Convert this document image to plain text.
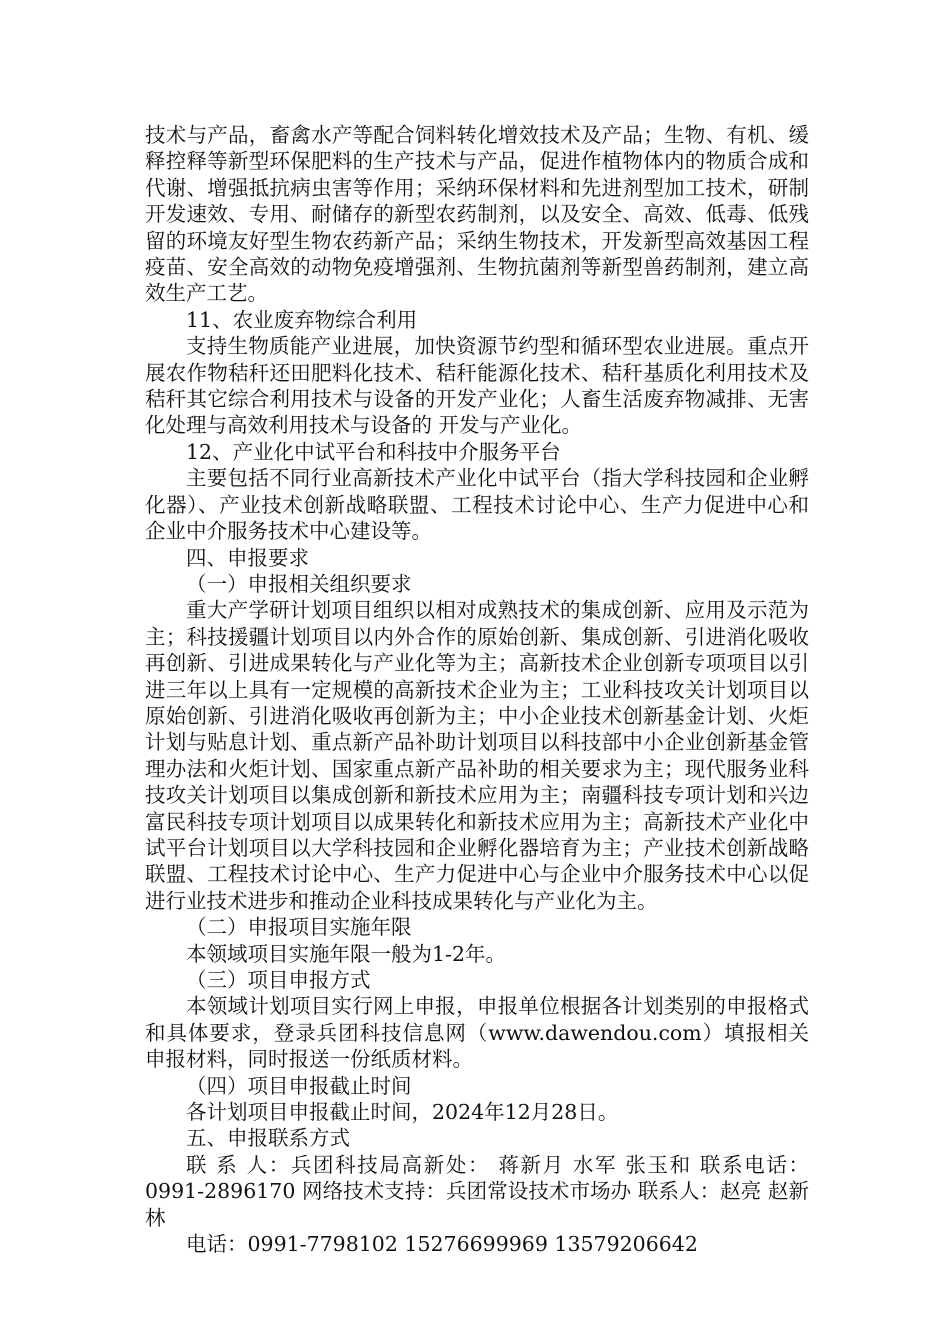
技术与产品，畜禽水产等配合饲料转化增效技术及产品；生物、有机、缓释控释等新型环保肥料的生产技术与产品，促进作植物体内的物质合成和代谢、增强抵抗病虫害等作用；采纳环保材料和先进剂型加工技术，研制开发速效、专用、耐储存的新型农药制剂，以及安全、高效、低毒、低残留的环境友好型生物农药新产品；采纳生物技术，开发新型高效基因工程疫苗、安全高效的动物免疫增强剂、生物抗菌剂等新型兽药制剂，建立高效生产工艺。

11、农业废弃物综合利用

支持生物质能产业进展，加快资源节约型和循环型农业进展。重点开展农作物秸秆还田肥料化技术、秸秆能源化技术、秸秆基质化利用技术及秸秆其它综合利用技术与设备的开发产业化；人畜生活废弃物减排、无害化处理与高效利用技术与设备的 开发与产业化。

12、产业化中试平台和科技中介服务平台

主要包括不同行业高新技术产业化中试平台（指大学科技园和企业孵化器）、产业技术创新战略联盟、工程技术讨论中心、生产力促进中心和企业中介服务技术中心建设等。

四、申报要求

（一）申报相关组织要求

重大产学研计划项目组织以相对成熟技术的集成创新、应用及示范为主；科技援疆计划项目以内外合作的原始创新、集成创新、引进消化吸收再创新、引进成果转化与产业化等为主；高新技术企业创新专项项目以引进三年以上具有一定规模的高新技术企业为主；工业科技攻关计划项目以原始创新、引进消化吸收再创新为主；中小企业技术创新基金计划、火炬计划与贴息计划、重点新产品补助计划项目以科技部中小企业创新基金管理办法和火炬计划、国家重点新产品补助的相关要求为主；现代服务业科技攻关计划项目以集成创新和新技术应用为主；南疆科技专项计划和兴边富民科技专项计划项目以成果转化和新技术应用为主；高新技术产业化中试平台计划项目以大学科技园和企业孵化器培育为主；产业技术创新战略联盟、工程技术讨论中心、生产力促进中心与企业中介服务技术中心以促进行业技术进步和推动企业科技成果转化与产业化为主。

（二）申报项目实施年限

本领域项目实施年限一般为1-2年。

（三）项目申报方式

本领域计划项目实行网上申报，申报单位根据各计划类别的申报格式和具体要求，登录兵团科技信息网（www.dawendou.com）填报相关申报材料，同时报送一份纸质材料。

（四）项目申报截止时间

各计划项目申报截止时间，2024年12月28日。

五、申报联系方式

联 系 人：兵团科技局高新处： 蒋新月 水军 张玉和 联系电话：0991-2896170 网络技术支持：兵团常设技术市场办 联系人：赵亮 赵新林

电话：0991-7798102 15276699969 13579206642
